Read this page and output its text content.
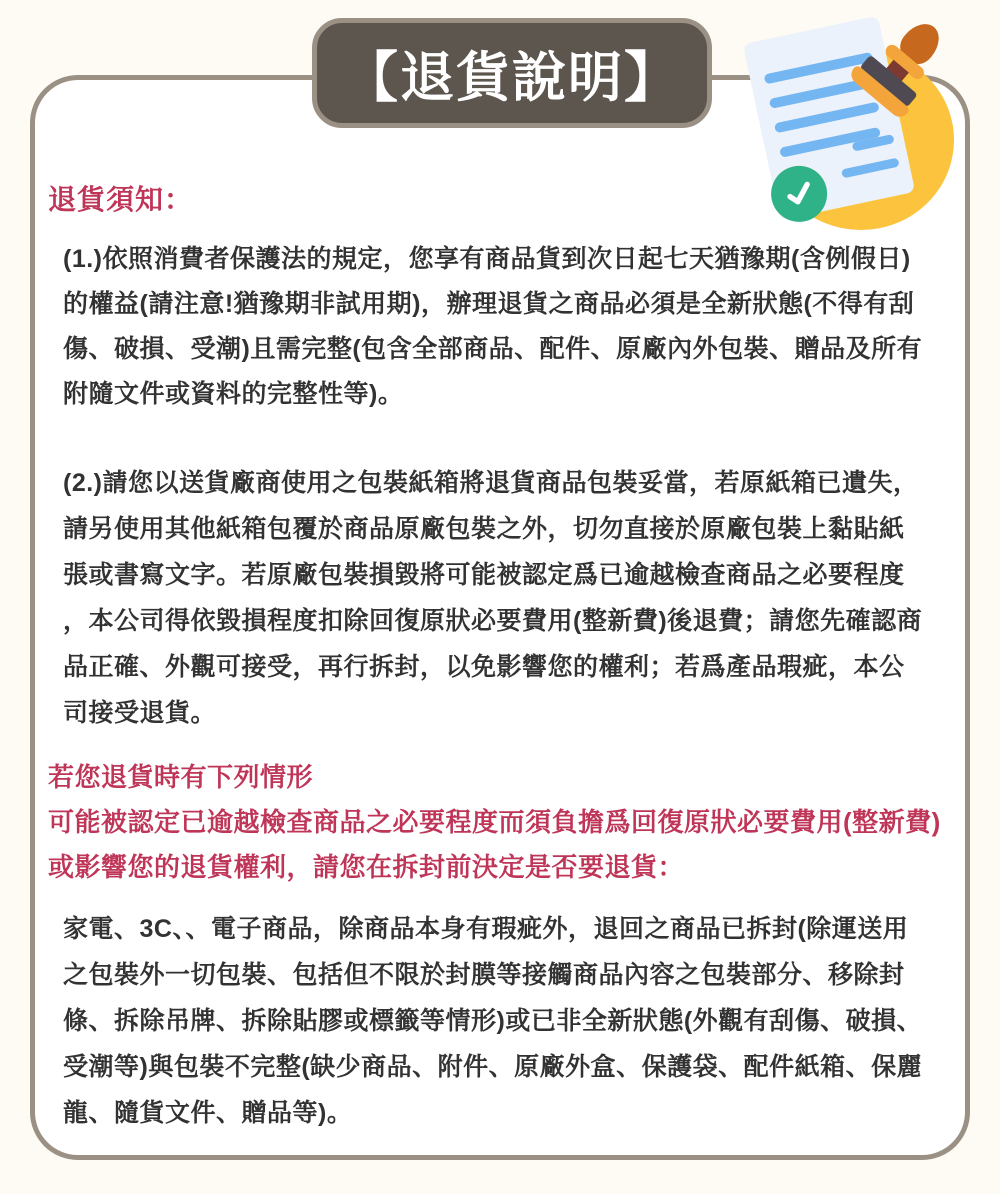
【退貨說明】
退貨須知：
(1.)依照消費者保護法的規定，您享有商品貨到次日起七天猶豫期(含例假日)
的權益(請注意!猶豫期非試用期)，辦理退貨之商品必須是全新狀態(不得有刮
傷、破損、受潮)且需完整(包含全部商品、配件、原廠內外包裝、贈品及所有
附隨文件或資料的完整性等)。
(2.)請您以送貨廠商使用之包裝紙箱將退貨商品包裝妥當，若原紙箱已遺失，
請另使用其他紙箱包覆於商品原廠包裝之外，切勿直接於原廠包裝上黏貼紙
張或書寫文字。若原廠包裝損毀將可能被認定爲已逾越檢查商品之必要程度
，本公司得依毀損程度扣除回復原狀必要費用(整新費)後退費；請您先確認商
品正確、外觀可接受，再行拆封，以免影響您的權利；若爲產品瑕疵，本公
司接受退貨。
若您退貨時有下列情形
可能被認定已逾越檢查商品之必要程度而須負擔爲回復原狀必要費用(整新費)
或影響您的退貨權利，請您在拆封前決定是否要退貨：
家電、3C、、電子商品，除商品本身有瑕疵外，退回之商品已拆封(除運送用
之包裝外一切包裝、包括但不限於封膜等接觸商品內容之包裝部分、移除封
條、拆除吊牌、拆除貼膠或標籤等情形)或已非全新狀態(外觀有刮傷、破損、
受潮等)與包裝不完整(缺少商品、附件、原廠外盒、保護袋、配件紙箱、保麗
龍、隨貨文件、贈品等)。
